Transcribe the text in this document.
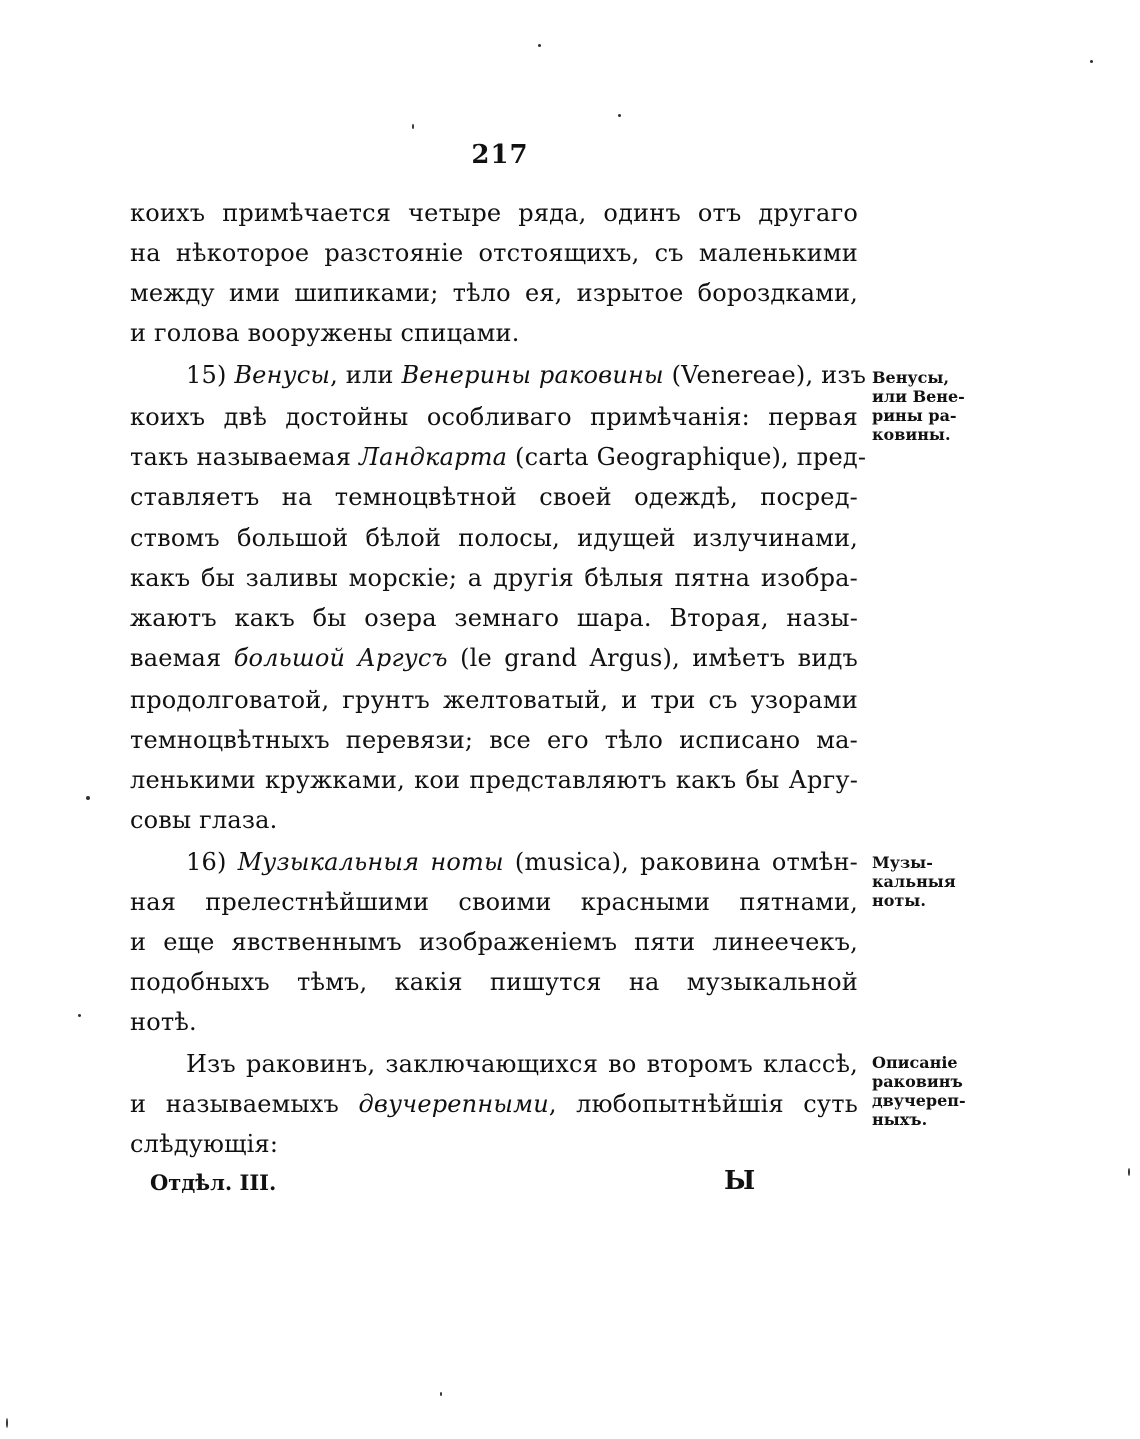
217
коихъ примѣчается четыре ряда, одинъ отъ другаго
на нѣкоторое разстояніе отстоящихъ, съ маленькими
между ими шипиками; тѣло ея, изрытое бороздками,
и голова вооружены спицами.
15) Венусы, или Венерины раковины (Venereae), изъ
коихъ двѣ достойны особливаго примѣчанія: первая
такъ называемая Ландкарта (carta Geographique), пред-
ставляетъ на темноцвѣтной своей одеждѣ, посред-
ствомъ большой бѣлой полосы, идущей излучинами,
какъ бы заливы морскіе; а другія бѣлыя пятна изобра-
жаютъ какъ бы озера земнаго шара. Вторая, назы-
ваемая большой Аргусъ (le grand Argus), имѣетъ видъ
продолговатой, грунтъ желтоватый, и три съ узорами
темноцвѣтныхъ перевязи; все его тѣло исписано ма-
ленькими кружками, кои представляютъ какъ бы Аргу-
совы глаза.
16) Музыкальныя ноты (musica), раковина отмѣн-
ная прелестнѣйшими своими красными пятнами,
и еще явственнымъ изображеніемъ пяти линеечекъ,
подобныхъ тѣмъ, какія пишутся на музыкальной
нотѣ.
Изъ раковинъ, заключающихся во второмъ классѣ,
и называемыхъ двучерепными, любопытнѣйшія суть
слѣдующія:
Венусы,
или Вене-
рины ра-
ковины.
Музы-
кальныя
ноты.
Описаніе
раковинъ
двучереп-
ныхъ.
Отдѣл. III.	Ы
